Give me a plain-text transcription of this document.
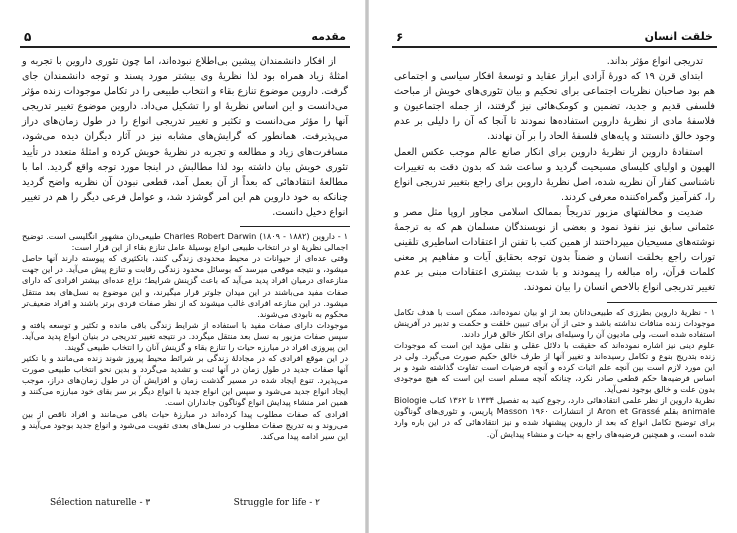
۵	مقدمه

از افکار دانشمندان پیشین بی‌اطلاع نبوده‌اند، اما چون تئوری داروین با تجربه و امثلهٔ زیاد همراه بود لذا نظریهٔ وی بیشتر مورد پسند و توجه دانشمندان جای گرفت. داروین موضوع تنازع بقاء و انتخاب طبیعی را در تکامل موجودات زنده مؤثر می‌دانست و این اساس نظریهٔ او را تشکیل می‌داد. داروین موضوع تغییر تدریجی آنها را مؤثر می‌دانست و تکثیر و تغییر تدریجی انواع را در طول زمان‌های دراز می‌پذیرفت. همانطور که گرایش‌های مشابه نیز در آثار دیگران دیده می‌شود، مسافرت‌های زیاد و مطالعه و تجربه در نظریهٔ خویش کرده و امثلهٔ متعدد در تأیید تئوری خویش بیان داشته بود لذا مطالبش در اینجا مورد توجه واقع گردید. اما با مطالعهٔ انتقادهائی که بعداً از آن بعمل آمد، قطعی نبودن آن نظریه واضح گردید چنانکه به خود داروین هم این امر گوشزد شد، و عوامل فرعی دیگر را هم در تغییر انواع دخیل دانست.

١ - داروین Charles Robert Darwin (۱۸۰۹ - ۱۸۸۲) طبیعی‌دان مشهور انگلیسی است. توضیح اجمالی نظریهٔ او در انتخاب طبیعی انواع بوسیلهٔ عامل تنازع بقاء از این قرار است:

وقتی عده‌ای از حیوانات در محیط محدودی زندگی کنند، باتکثیری که پیوسته دارند آنها حاصل میشود، و نتیجه موقعی میرسد که بوسائل محدود زندگی رقابت و تنازع پیش می‌آید. در این جهت منازعه‌ای درمیان افراد پدید می‌آید که باعث گزینش شرایط؛ نزاع عده‌ای بیشتر افرادی که دارای صفات مفید می‌باشند در این میدان جلوتر قرار میگیرند، و این موضوع به نسل‌های بعد منتقل میشود. در این منازعه افرادی غالب میشوند که از نظر صفات فردی برتر باشند و افراد ضعیف‌تر محکوم به نابودی می‌شوند.

موجودات دارای صفات مفید با استفاده از شرایط زندگی باقی مانده و تکثیر و توسعه یافته و سپس صفات مزبور به نسل بعد منتقل میگردد. در نتیجه تغییر تدریجی در بنیان انواع پدید می‌آید. این پیروزی افراد در مبارزه حیات را تنازع بقاء و گزینش آنان را انتخاب طبیعی گویند.

در این موقع افرادی که در مجادلهٔ زندگی بر شرائط محیط پیروز شوند زنده می‌مانند و با تکثیر آنها صفات جدید در طول زمان در آنها ثبت و تشدید می‌گردد و بدین نحو انتخاب طبیعی صورت می‌پذیرد. تنوع ایجاد شده در مسیر گذشت زمان و افزایش آن در طول زمان‌های دراز، موجب ایجاد انواع جدید می‌شود و سپس این انواع جدید با انواع دیگر بر سر بقای خود مبارزه می‌کنند و همین امر منشاء پیدایش انواع گوناگون جانداران است.

افرادی که صفات مطلوب پیدا کرده‌اند در مبارزهٔ حیات باقی می‌مانند و افراد ناقص از بین می‌روند و به تدریج صفات مطلوب در نسل‌های بعدی تقویت می‌شود و انواع جدید بوجود می‌آیند و این سیر ادامه پیدا می‌کند.

Sélection naturelle - ۳	Struggle for life - ۲
۶	خلقت انسان

تدریجی انواع مؤثر بداند.

ابتدای قرن ۱۹ که دورهٔ آزادی ابراز عقاید و توسعهٔ افکار سیاسی و اجتماعی هم بود صاحبان نظریات اجتماعی برای تحکیم و بیان تئوری‌های خویش از مباحث فلسفی قدیم و جدید، تضمین و کومک‌هائی نیز گرفتند، از جمله اجتماعیون و فلاسفهٔ مادی از نظریهٔ داروین استفاده‌ها نمودند تا آنجا که آن را دلیلی بر عدم وجود خالق دانستند و پایه‌های فلسفهٔ الحاد را بر آن نهادند.

استفادهٔ داروین از نظریهٔ داروین برای انکار صانع عالم موجب عکس العمل الهیون و اولیای کلیسای مسیحیت گردید و ساعت شد که بدون دقت به تغییرات ناشناسی کفار آن نظریه شده، اصل نظریهٔ داروین برای راجع بتغییر تدریجی انواع را، کفرآمیز وگمراه‌کننده معرفی کردند.

ضدیت و مخالفتهای مزبور تدریجاً بممالک اسلامی مجاور اروپا مثل مصر و عثمانی سابق نیز نفوذ نمود و بعضی از نویسندگان مسلمان هم که به ترجمهٔ نوشته‌های مسیحیان میپرداختند از همین کتب با تفنن از اعتقادات اساطیری تلقینی تورات راجع بخلقت انسان و ضمناً بدون توجه بحقایق آیات و مفاهیم پر معنی کلمات قرآن، راه مبالغه را پیمودند و با شدت بیشتری اعتقادات مبنی بر عدم تغییر تدریجی انواع بالاخص انسان را بیان نمودند.

١ - نظریهٔ داروین بطرزی که طبیعی‌دانان بعد از او بیان نموده‌اند، ممکن است با هدف تکامل موجودات زنده منافات نداشته باشد و حتی از آن برای تبیین خلقت و حکمت و تدبیر در آفرینش استفاده شده است، ولی مادیون آن را وسیله‌ای برای انکار خالق قرار دادند.

علوم دینی نیز اشاره نموده‌اند که حقیقت با دلائل عقلی و نقلی مؤید این است که موجودات زنده بتدریج بنوع و تکامل رسیده‌اند و تغییر آنها از طرف خالق حکیم صورت می‌گیرد. ولی در این مورد لازم است بین آنچه علم اثبات کرده و آنچه فرضیات است تفاوت گذاشته شود و بر اساس فرضیه‌ها حکم قطعی صادر نکرد، چنانکه آنچه مسلم است این است که هیچ موجودی بدون علت و خالق بوجود نمی‌آید.

نظریهٔ داروین از نظر علمی انتقادهائی دارد، رجوع کنید به تفصیل ۱۳۳۴ تا ۱۳۶۲ کتاب Biologie animale بقلم Aron et Grassé از انتشارات Masson ۱۹۶۰ پاریس، و تئوری‌های گوناگون برای توضیح تکامل انواع که بعد از داروین پیشنهاد شده و نیز انتقادهائی که در این باره وارد شده است، و همچنین فرضیه‌های راجع به حیات و منشاء پیدایش آن.
